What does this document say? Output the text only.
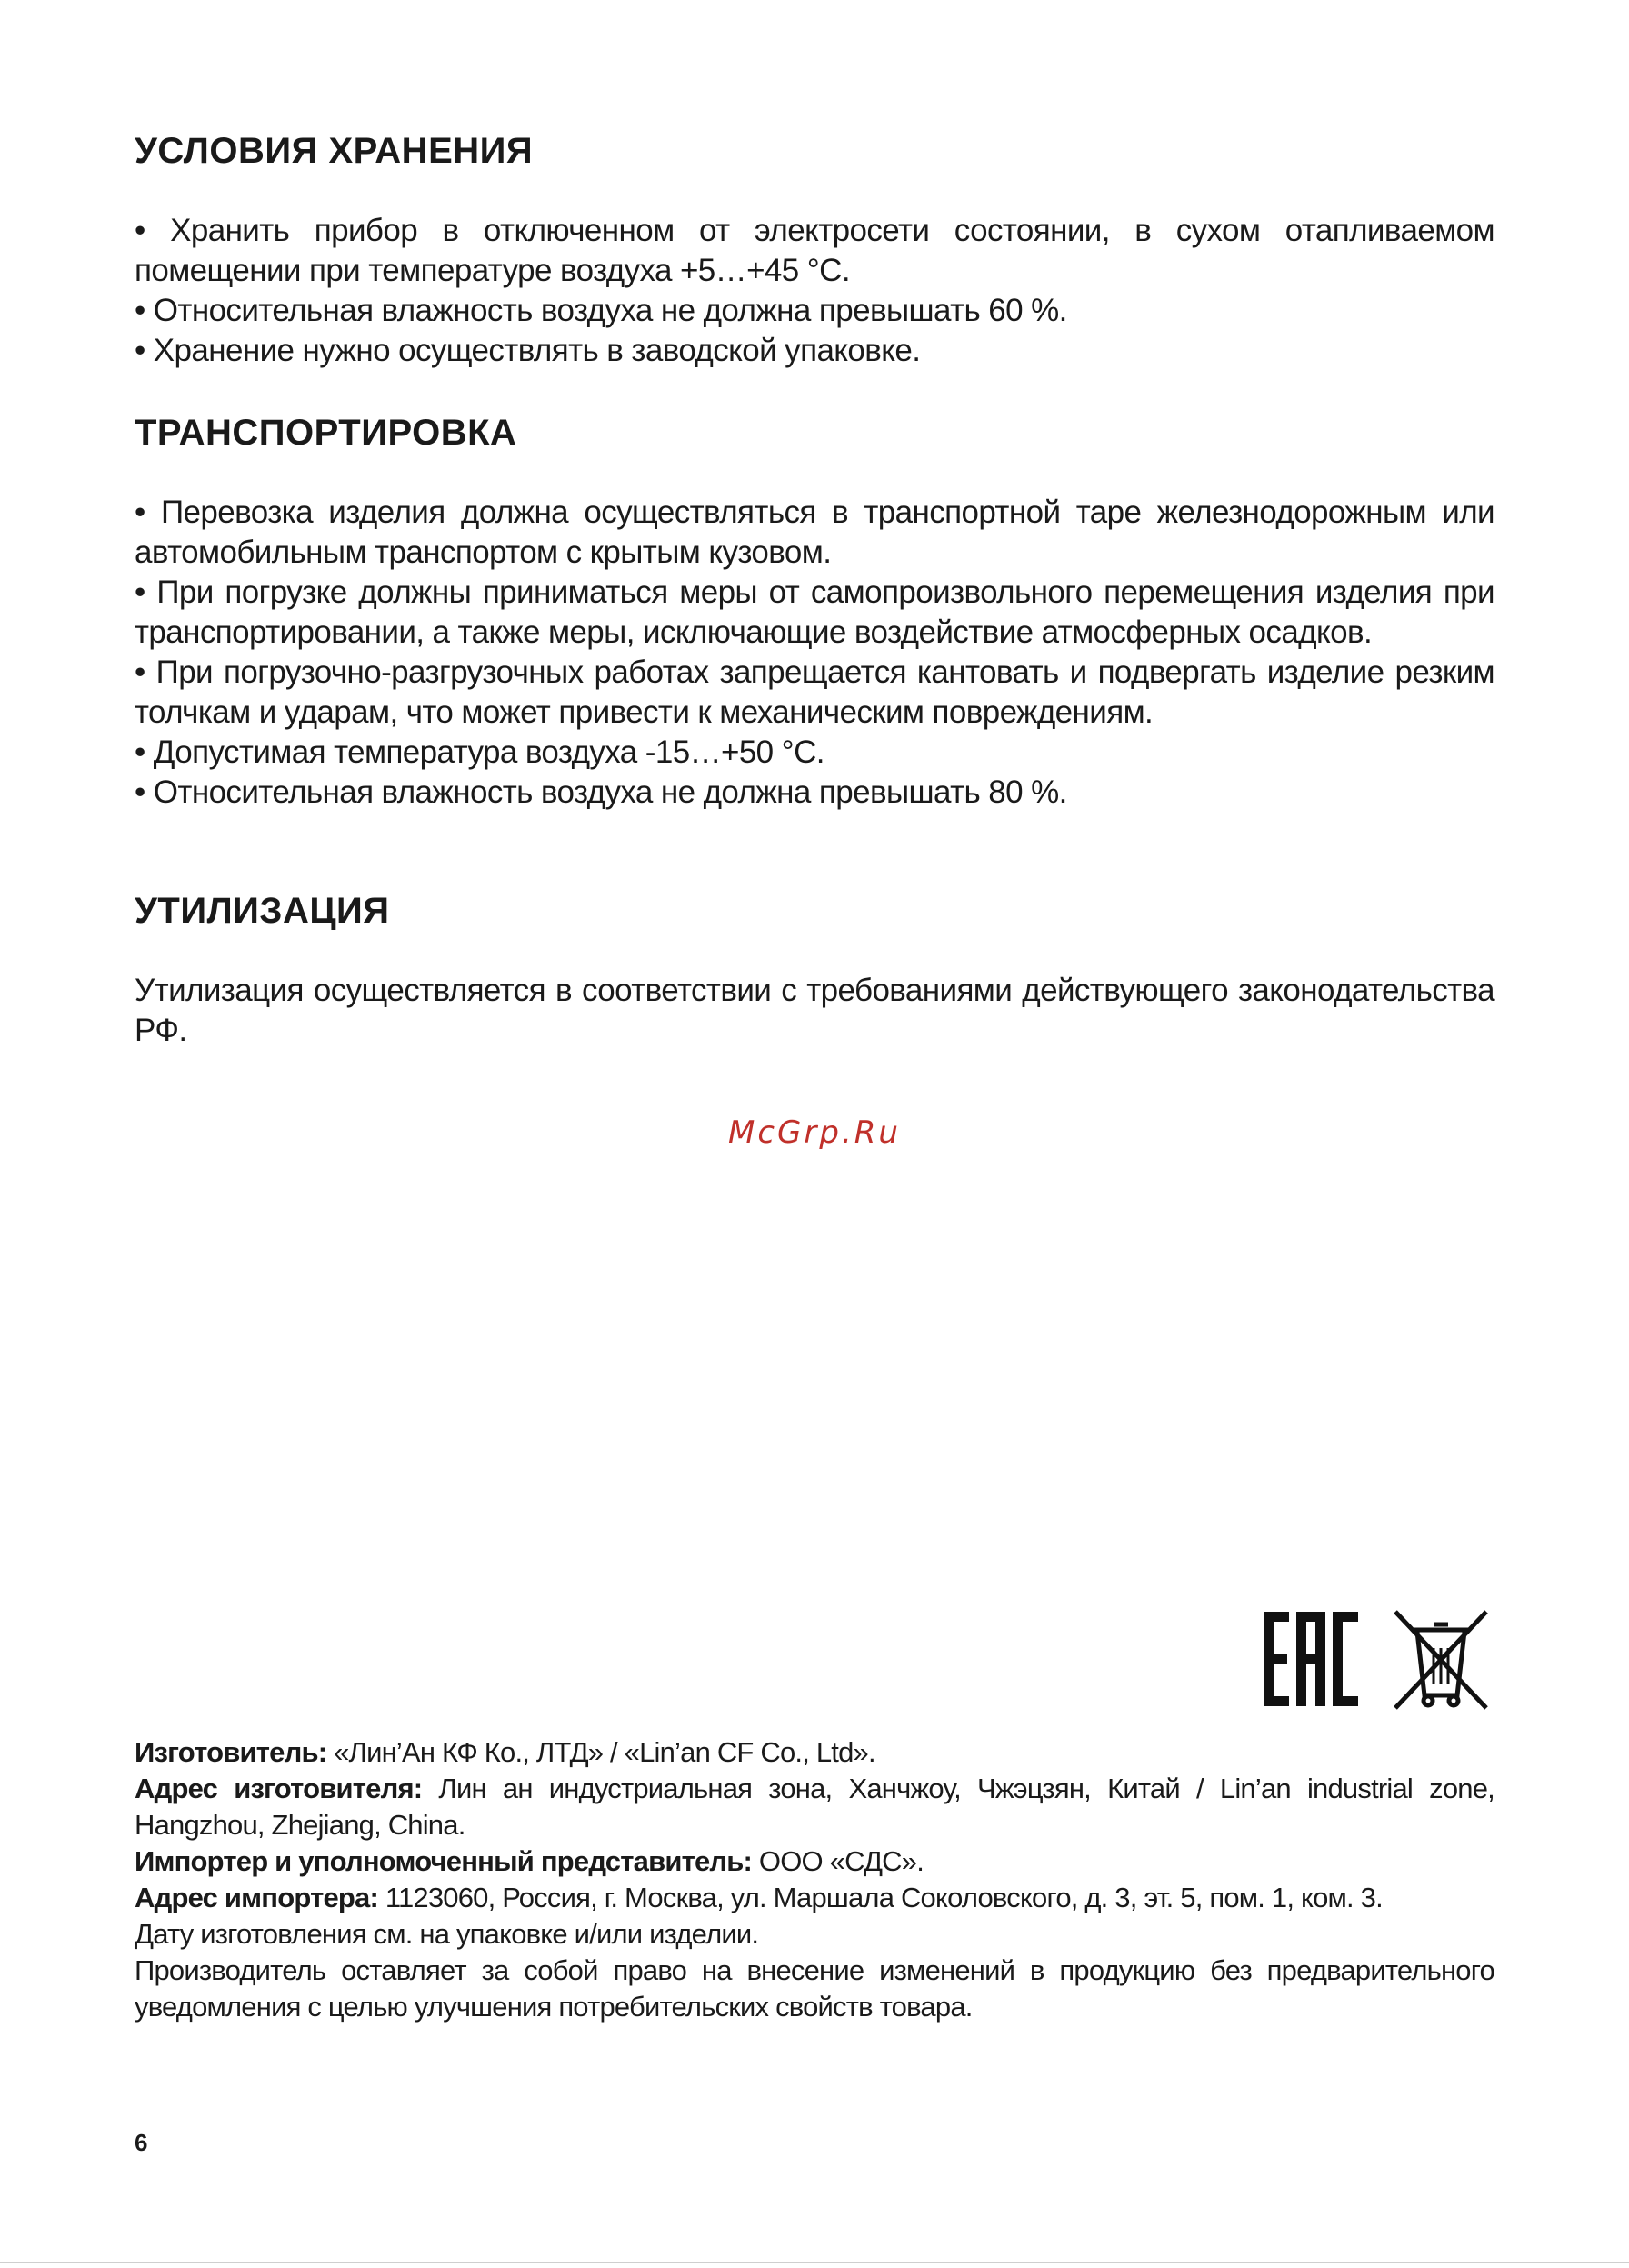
УСЛОВИЯ ХРАНЕНИЯ
• Хранить прибор в отключенном от электросети состоянии, в сухом отапливаемом помещении при температуре воздуха +5…+45 °С.
• Относительная влажность воздуха не должна превышать 60 %.
• Хранение нужно осуществлять в заводской упаковке.
ТРАНСПОРТИРОВКА
• Перевозка изделия должна осуществляться в транспортной таре железнодорожным или автомобильным транспортом с крытым кузовом.
• При погрузке должны приниматься меры от самопроизвольного перемещения изделия при транспортировании, а также меры, исключающие воздействие атмосферных осадков.
• При погрузочно-разгрузочных работах запрещается кантовать и подвергать изделие резким толчкам и ударам, что может привести к механическим повреждениям.
• Допустимая температура воздуха -15…+50 °С.
• Относительная влажность воздуха не должна превышать 80 %.
УТИЛИЗАЦИЯ

Утилизация осуществляется в соответствии с требованиями действующего законодательства РФ.

McGrp.Ru

Изготовитель: «Лин’Ан КФ Ко., ЛТД» / «Lin’an CF Co., Ltd».

Адрес изготовителя: Лин ан индустриальная зона, Ханчжоу, Чжэцзян, Китай / Lin’an industrial zone, Hangzhou, Zhejiang, China.

Импортер и уполномоченный представитель: ООО «СДС».

Адрес импортера: 1123060, Россия, г. Москва, ул. Маршала Соколовского, д. 3, эт. 5, пом. 1, ком. 3.

Дату изготовления см. на упаковке и/или изделии.

Производитель оставляет за собой право на внесение изменений в продукцию без предварительного уведомления с целью улучшения потребительских свойств товара.

6
